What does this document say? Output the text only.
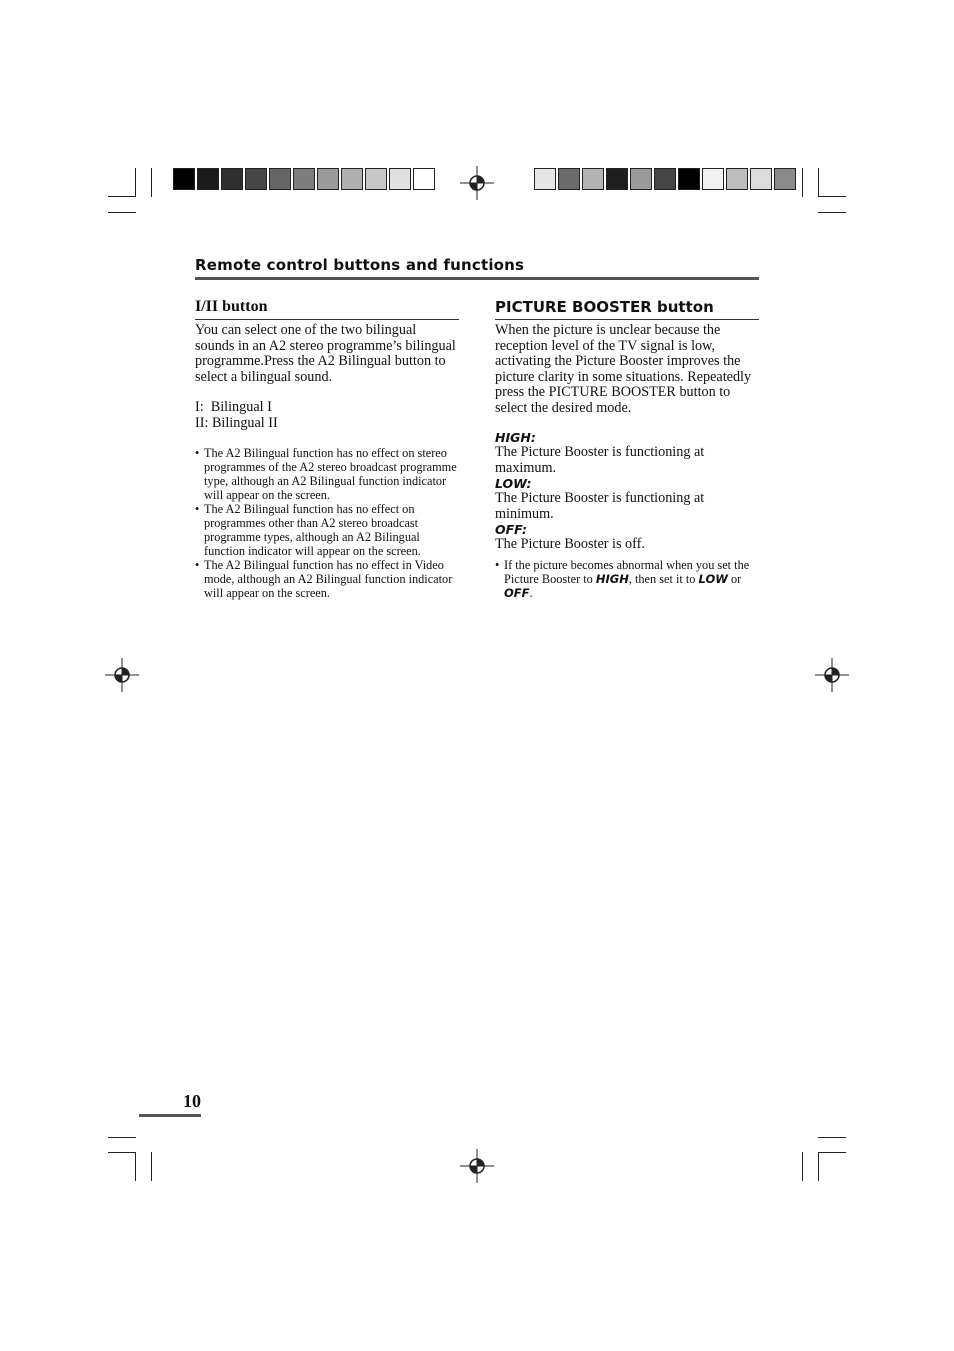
Remote control buttons and functions
I/II button

You can select one of the two bilingual sounds in an A2 stereo programme’s bilingual programme.Press the A2 Bilingual button to select a bilingual sound.

I:  Bilingual I
II: Bilingual II
• The A2 Bilingual function has no effect on stereo programmes of the A2 stereo broadcast programme type, although an A2 Bilingual function indicator will appear on the screen.
• The A2 Bilingual function has no effect on programmes other than A2 stereo broadcast programme types, although an A2 Bilingual function indicator will appear on the screen.
• The A2 Bilingual function has no effect in Video mode, although an A2 Bilingual function indicator will appear on the screen.
PICTURE BOOSTER button

When the picture is unclear because the reception level of the TV signal is low, activating the Picture Booster improves the picture clarity in some situations. Repeatedly press the PICTURE BOOSTER button to select the desired mode.

HIGH:
The Picture Booster is functioning at maximum.
LOW:
The Picture Booster is functioning at minimum.
OFF:
The Picture Booster is off.
• If the picture becomes abnormal when you set the Picture Booster to HIGH, then set it to LOW or OFF.
10
